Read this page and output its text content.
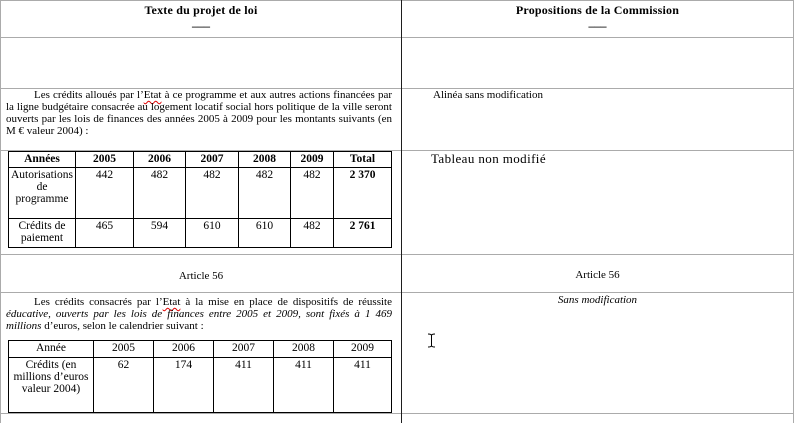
Texte du projet de loi
___
Propositions de la Commission
___

Les crédits alloués par l’Etat à ce programme et aux autres actions financées par la ligne budgétaire consacrée au logement locatif social hors politique de la ville seront ouverts par les lois de finances des années 2005 à 2009 pour les montants suivants (en M € valeur 2004) :

Alinéa sans modification
Années	2005	2006	2007	2008	2009	Total
Autorisations de programme	442	482	482	482	482	2 370
Crédits de paiement	465	594	610	610	482	2 761
Tableau non modifié
Article 56	Article 56

Les crédits consacrés par l’Etat à la mise en place de dispositifs de réussite éducative, ouverts par les lois de finances entre 2005 et 2009, sont fixés à 1 469 millions d’euros, selon le calendrier suivant :

Sans modification
Année	2005	2006	2007	2008	2009
Crédits (en millions d’euros valeur 2004)	62	174	411	411	411
